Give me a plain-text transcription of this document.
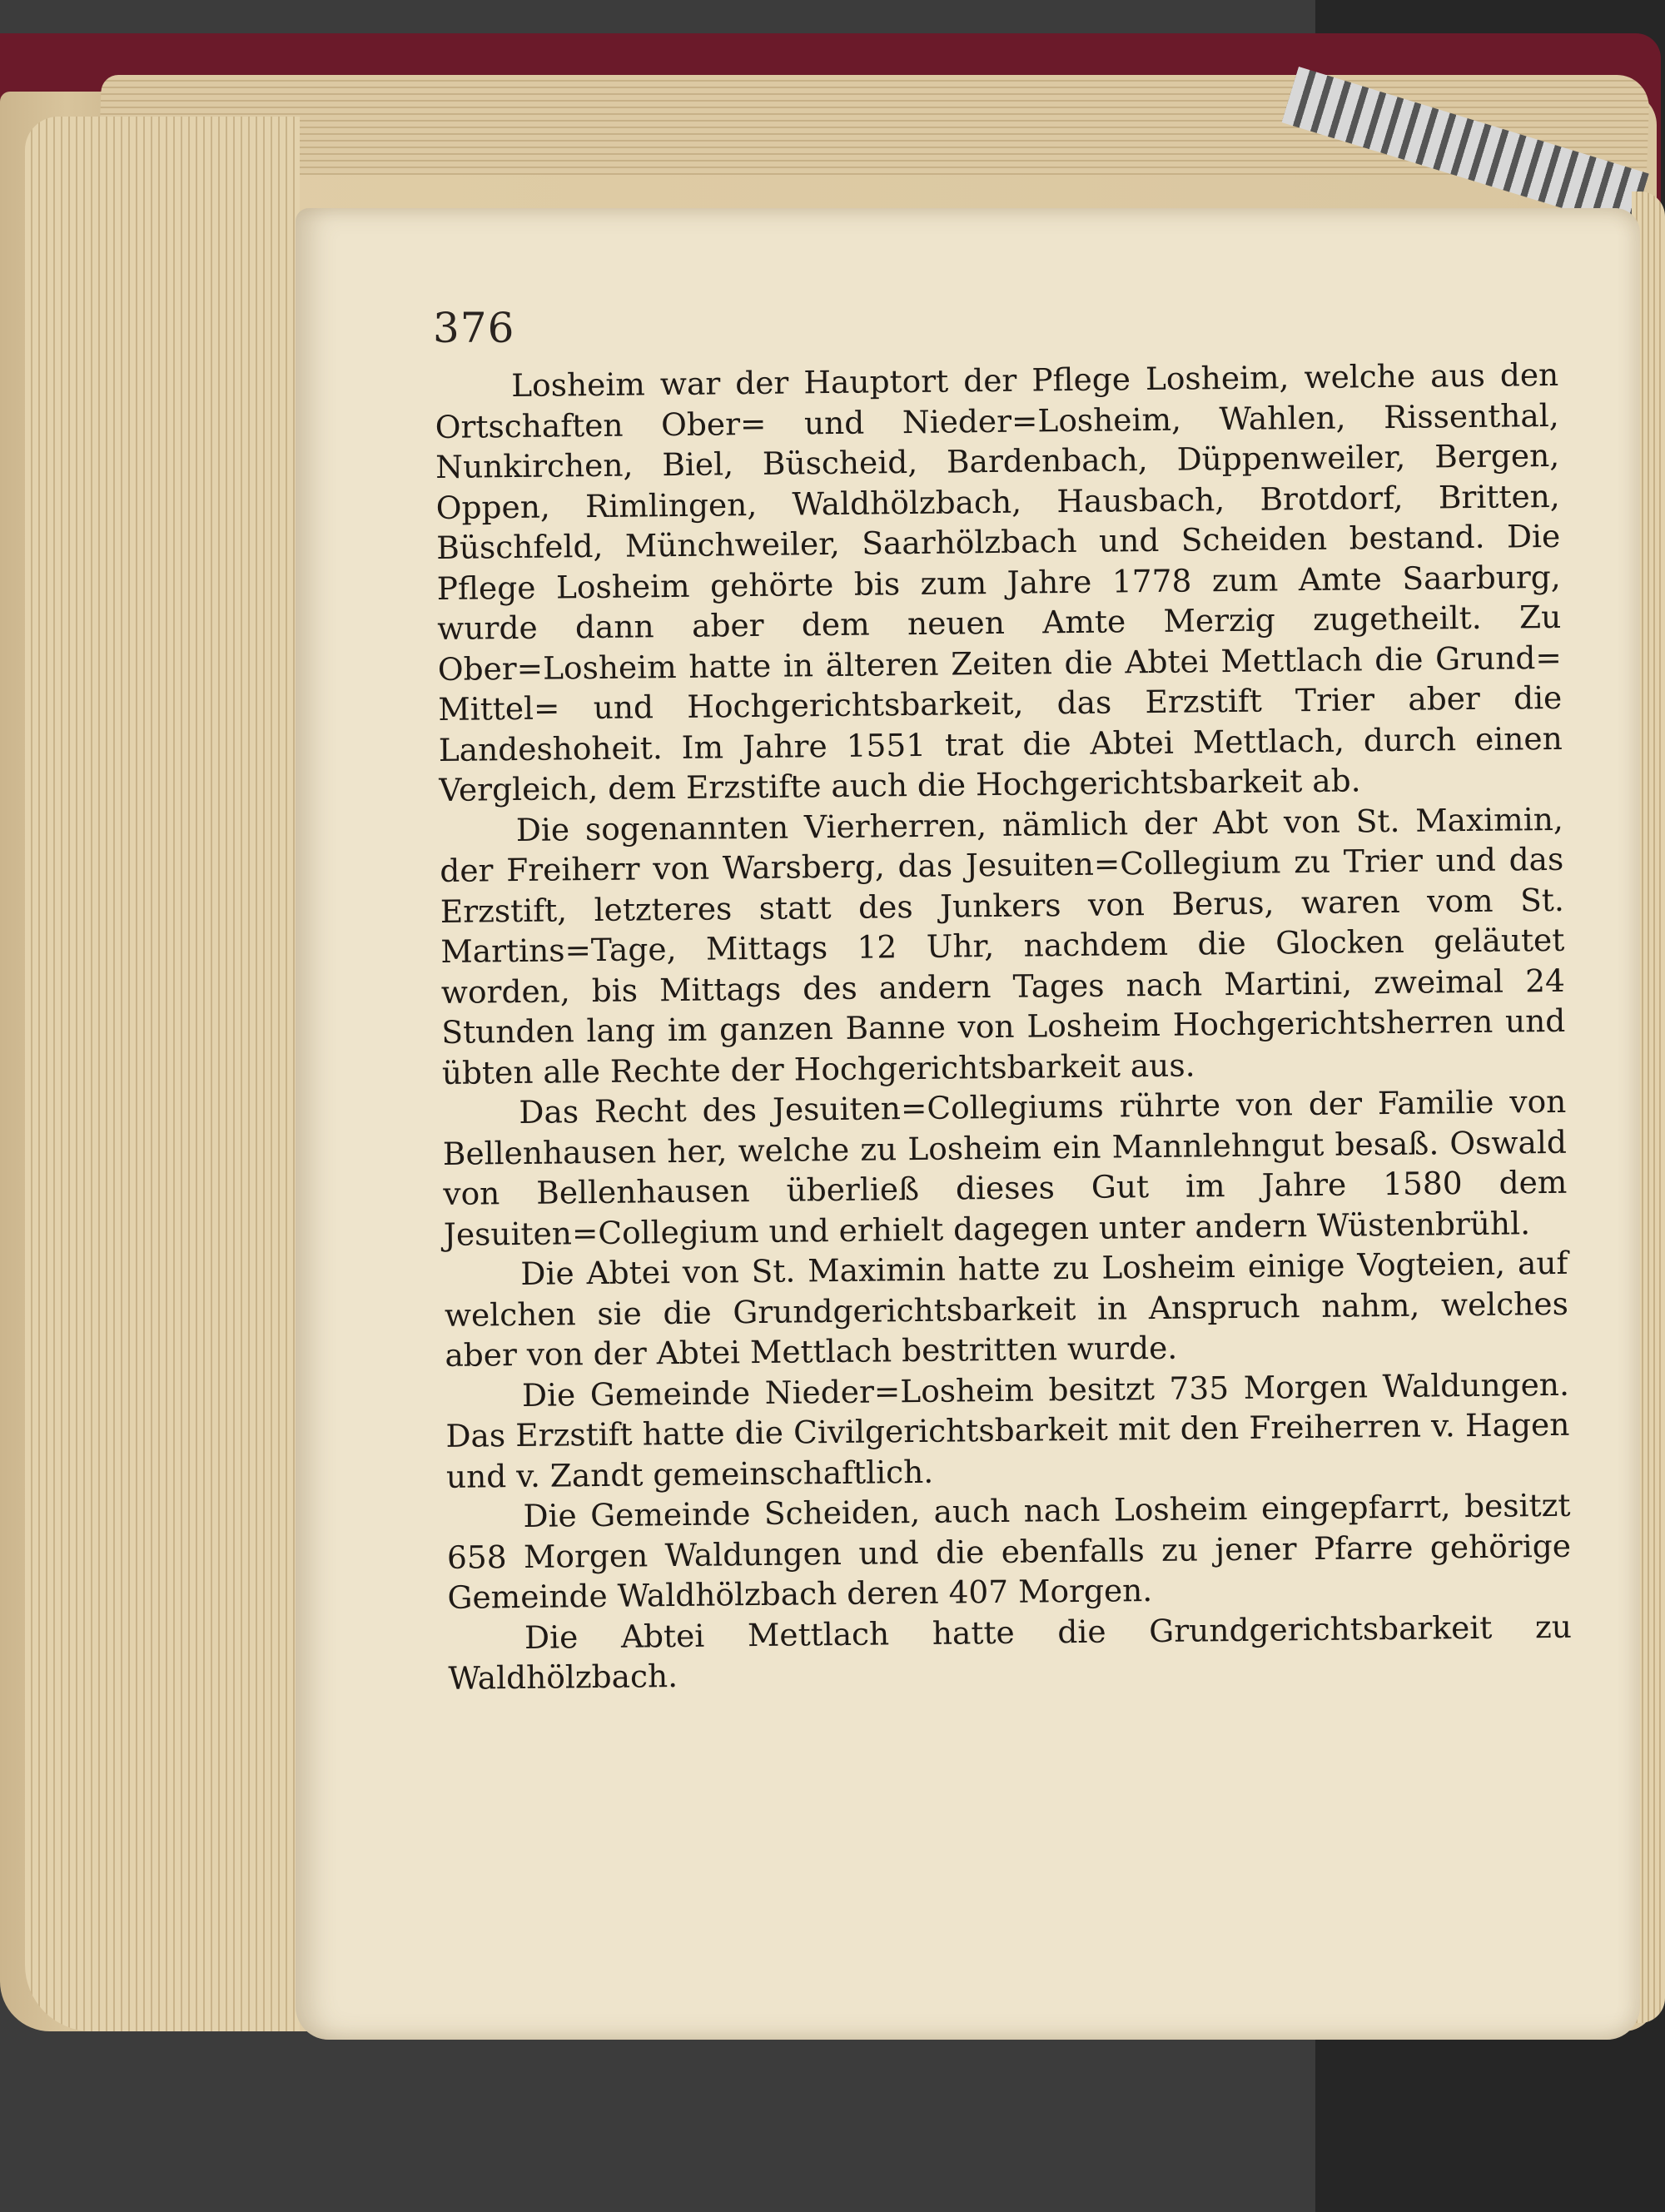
376

Losheim war der Hauptort der Pflege Losheim, welche aus den Ortschaften Ober= und Nieder=Losheim, Wahlen, Rissenthal, Nunkirchen, Biel, Büscheid, Bardenbach, Düppenweiler, Bergen, Oppen, Rimlingen, Waldhölzbach, Hausbach, Brotdorf, Britten, Büschfeld, Münchweiler, Saarhölzbach und Scheiden bestand. Die Pflege Losheim gehörte bis zum Jahre 1778 zum Amte Saarburg, wurde dann aber dem neuen Amte Merzig zugetheilt. Zu Ober=Losheim hatte in älteren Zeiten die Abtei Mettlach die Grund= Mittel= und Hochgerichtsbarkeit, das Erzstift Trier aber die Landeshoheit. Im Jahre 1551 trat die Abtei Mettlach, durch einen Vergleich, dem Erzstifte auch die Hochgerichtsbarkeit ab.

Die sogenannten Vierherren, nämlich der Abt von St. Maximin, der Freiherr von Warsberg, das Jesuiten=Collegium zu Trier und das Erzstift, letzteres statt des Junkers von Berus, waren vom St. Martins=Tage, Mittags 12 Uhr, nachdem die Glocken geläutet worden, bis Mittags des andern Tages nach Martini, zweimal 24 Stunden lang im ganzen Banne von Losheim Hochgerichtsherren und übten alle Rechte der Hochgerichtsbarkeit aus.

Das Recht des Jesuiten=Collegiums rührte von der Familie von Bellenhausen her, welche zu Losheim ein Mannlehngut besaß. Oswald von Bellenhausen überließ dieses Gut im Jahre 1580 dem Jesuiten=Collegium und erhielt dagegen unter andern Wüstenbrühl.

Die Abtei von St. Maximin hatte zu Losheim einige Vogteien, auf welchen sie die Grundgerichtsbarkeit in Anspruch nahm, welches aber von der Abtei Mettlach bestritten wurde.

Die Gemeinde Nieder=Losheim besitzt 735 Morgen Waldungen. Das Erzstift hatte die Civilgerichtsbarkeit mit den Freiherren v. Hagen und v. Zandt gemeinschaftlich.

Die Gemeinde Scheiden, auch nach Losheim eingepfarrt, besitzt 658 Morgen Waldungen und die ebenfalls zu jener Pfarre gehörige Gemeinde Waldhölzbach deren 407 Morgen.

Die Abtei Mettlach hatte die Grundgerichtsbarkeit zu Waldhölzbach.
